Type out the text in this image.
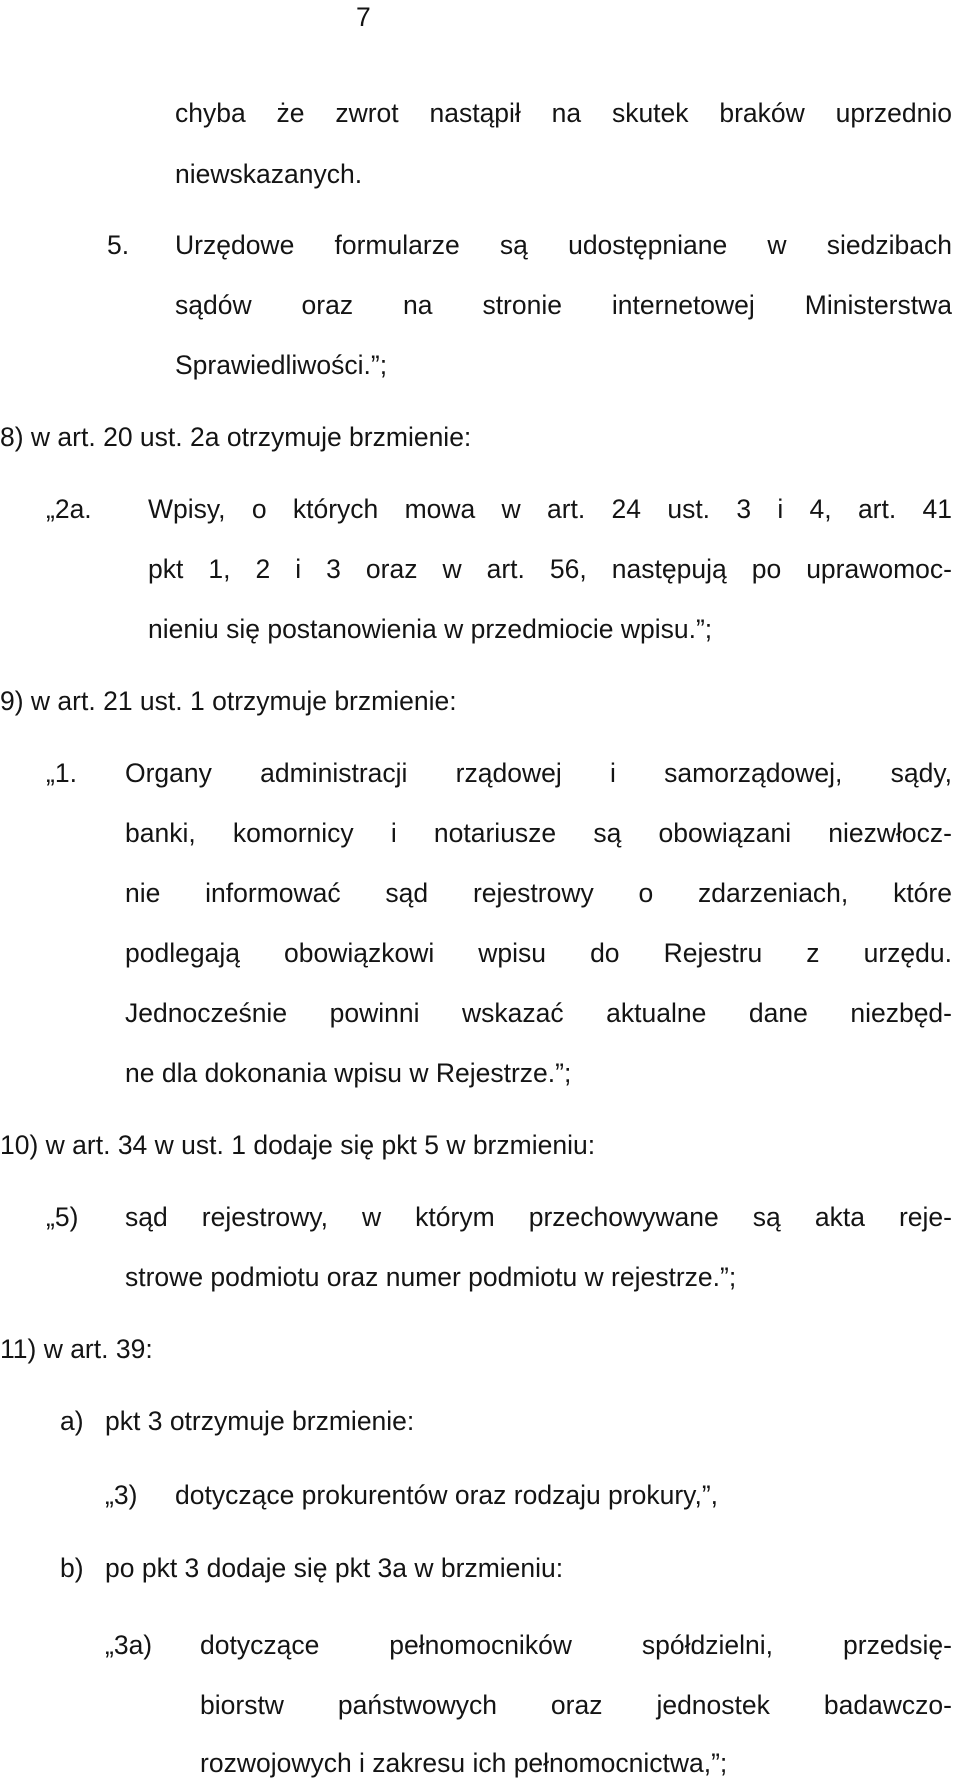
7
chyba że zwrot nastąpił na skutek braków uprzednio
niewskazanych.
5. Urzędowe formularze są udostępniane w siedzibach
sądów oraz na stronie internetowej Ministerstwa
Sprawiedliwości.”;
8) w art. 20 ust. 2a otrzymuje brzmienie:
„2a. Wpisy, o których mowa w art. 24 ust. 3 i 4, art. 41
pkt 1, 2 i 3 oraz w art. 56, następują po uprawomoc-
nieniu się postanowienia w przedmiocie wpisu.”;
9) w art. 21 ust. 1 otrzymuje brzmienie:
„1. Organy administracji rządowej i samorządowej, sądy,
banki, komornicy i notariusze są obowiązani niezwłocz-
nie informować sąd rejestrowy o zdarzeniach, które
podlegają obowiązkowi wpisu do Rejestru z urzędu.
Jednocześnie powinni wskazać aktualne dane niezbęd-
ne dla dokonania wpisu w Rejestrze.”;
10) w art. 34 w ust. 1 dodaje się pkt 5 w brzmieniu:
„5) sąd rejestrowy, w którym przechowywane są akta reje-
strowe podmiotu oraz numer podmiotu w rejestrze.”;
11) w art. 39:
a) pkt 3 otrzymuje brzmienie:
„3) dotyczące prokurentów oraz rodzaju prokury,”,
b) po pkt 3 dodaje się pkt 3a w brzmieniu:
„3a) dotyczące pełnomocników spółdzielni, przedsię-
biorstw państwowych oraz jednostek badawczo-
rozwojowych i zakresu ich pełnomocnictwa,”;
